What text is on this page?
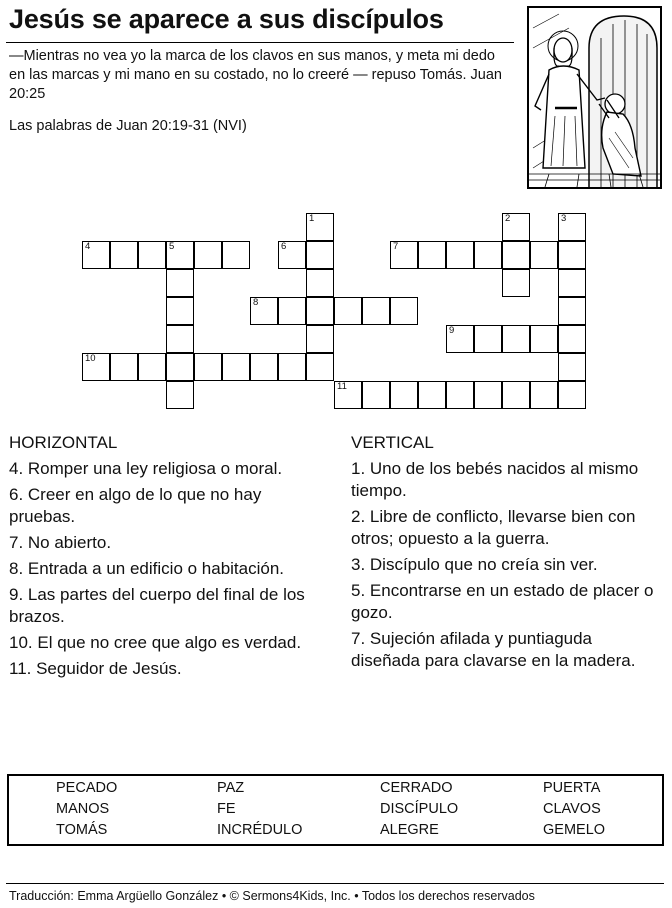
Jesús se aparece a sus discípulos
—Mientras no vea yo la marca de los clavos en sus manos, y meta mi dedo en las marcas y mi mano en su costado, no lo creeré — repuso Tomás. Juan 20:25
Las palabras de Juan 20:19-31 (NVI)
1	2	3
4	5	6	7
8
9
10
11
HORIZONTAL
4. Romper una ley religiosa o moral.
6. Creer en algo de lo que no hay pruebas.
7. No abierto.
8. Entrada a un edificio o habitación.
9. Las partes del cuerpo del final de los brazos.
10. El que no cree que algo es verdad.
11. Seguidor de Jesús.
VERTICAL
1. Uno de los bebés nacidos al mismo tiempo.
2. Libre de conflicto, llevarse bien con otros; opuesto a la guerra.
3. Discípulo que no creía sin ver.
5. Encontrarse en un estado de placer o gozo.
7. Sujeción afilada y puntiaguda diseñada para clavarse en la madera.
PECADO	PAZ	CERRADO	PUERTA
MANOS	FE	DISCÍPULO	CLAVOS
TOMÁS	INCRÉDULO	ALEGRE	GEMELO
Traducción: Emma Argüello González • © Sermons4Kids, Inc. • Todos los derechos reservados
